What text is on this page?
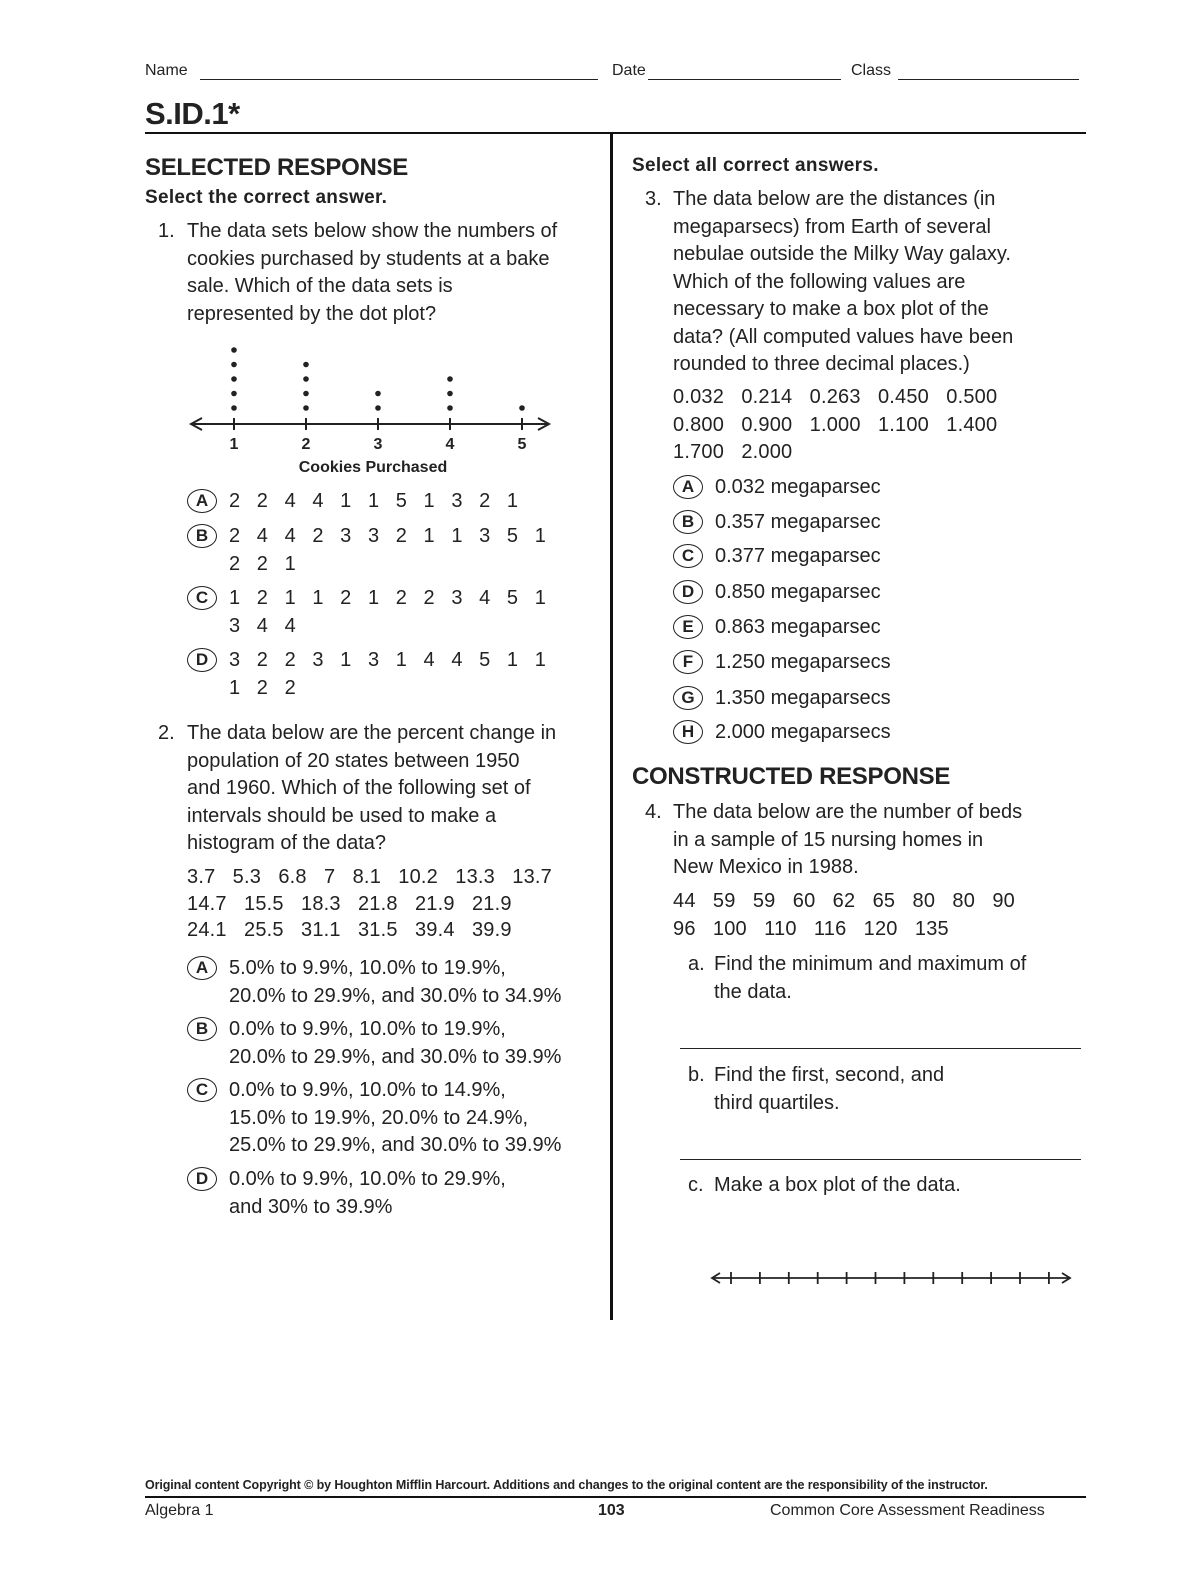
Name	Date	Class
S.ID.1*
SELECTED RESPONSE
Select the correct answer.
1. The data sets below show the numbers of
cookies purchased by students at a bake
sale. Which of the data sets is
represented by the dot plot?
1	2	3	4	5
Cookies Purchased
A	2   2   4   4   1   1   5   1   3   2   1
B	2   4   4   2   3   3   2   1   1   3   5   1
2   2   1
C	1   2   1   1   2   1   2   2   3   4   5   1
3   4   4
D	3   2   2   3   1   3   1   4   4   5   1   1
1   2   2
2. The data below are the percent change in
population of 20 states between 1950
and 1960. Which of the following set of
intervals should be used to make a
histogram of the data?
3.7   5.3   6.8   7   8.1   10.2   13.3   13.7
14.7   15.5   18.3   21.8   21.9   21.9
24.1   25.5   31.1   31.5   39.4   39.9
A	5.0% to 9.9%, 10.0% to 19.9%,
20.0% to 29.9%, and 30.0% to 34.9%
B	0.0% to 9.9%, 10.0% to 19.9%,
20.0% to 29.9%, and 30.0% to 39.9%
C	0.0% to 9.9%, 10.0% to 14.9%,
15.0% to 19.9%, 20.0% to 24.9%,
25.0% to 29.9%, and 30.0% to 39.9%
D	0.0% to 9.9%, 10.0% to 29.9%,
and 30% to 39.9%
Select all correct answers.
3. The data below are the distances (in
megaparsecs) from Earth of several
nebulae outside the Milky Way galaxy.
Which of the following values are
necessary to make a box plot of the
data? (All computed values have been
rounded to three decimal places.)
0.032   0.214   0.263   0.450   0.500
0.800   0.900   1.000   1.100   1.400
1.700   2.000
A	0.032 megaparsec
B	0.357 megaparsec
C	0.377 megaparsec
D	0.850 megaparsec
E	0.863 megaparsec
F	1.250 megaparsecs
G	1.350 megaparsecs
H	2.000 megaparsecs
CONSTRUCTED RESPONSE
4. The data below are the number of beds
in a sample of 15 nursing homes in
New Mexico in 1988.
44   59   59   60   62   65   80   80   90
96   100   110   116   120   135
a. Find the minimum and maximum of
the data.
b. Find the first, second, and
third quartiles.
c. Make a box plot of the data.
Original content Copyright © by Houghton Mifflin Harcourt. Additions and changes to the original content are the responsibility of the instructor.
Algebra 1	103	Common Core Assessment Readiness
